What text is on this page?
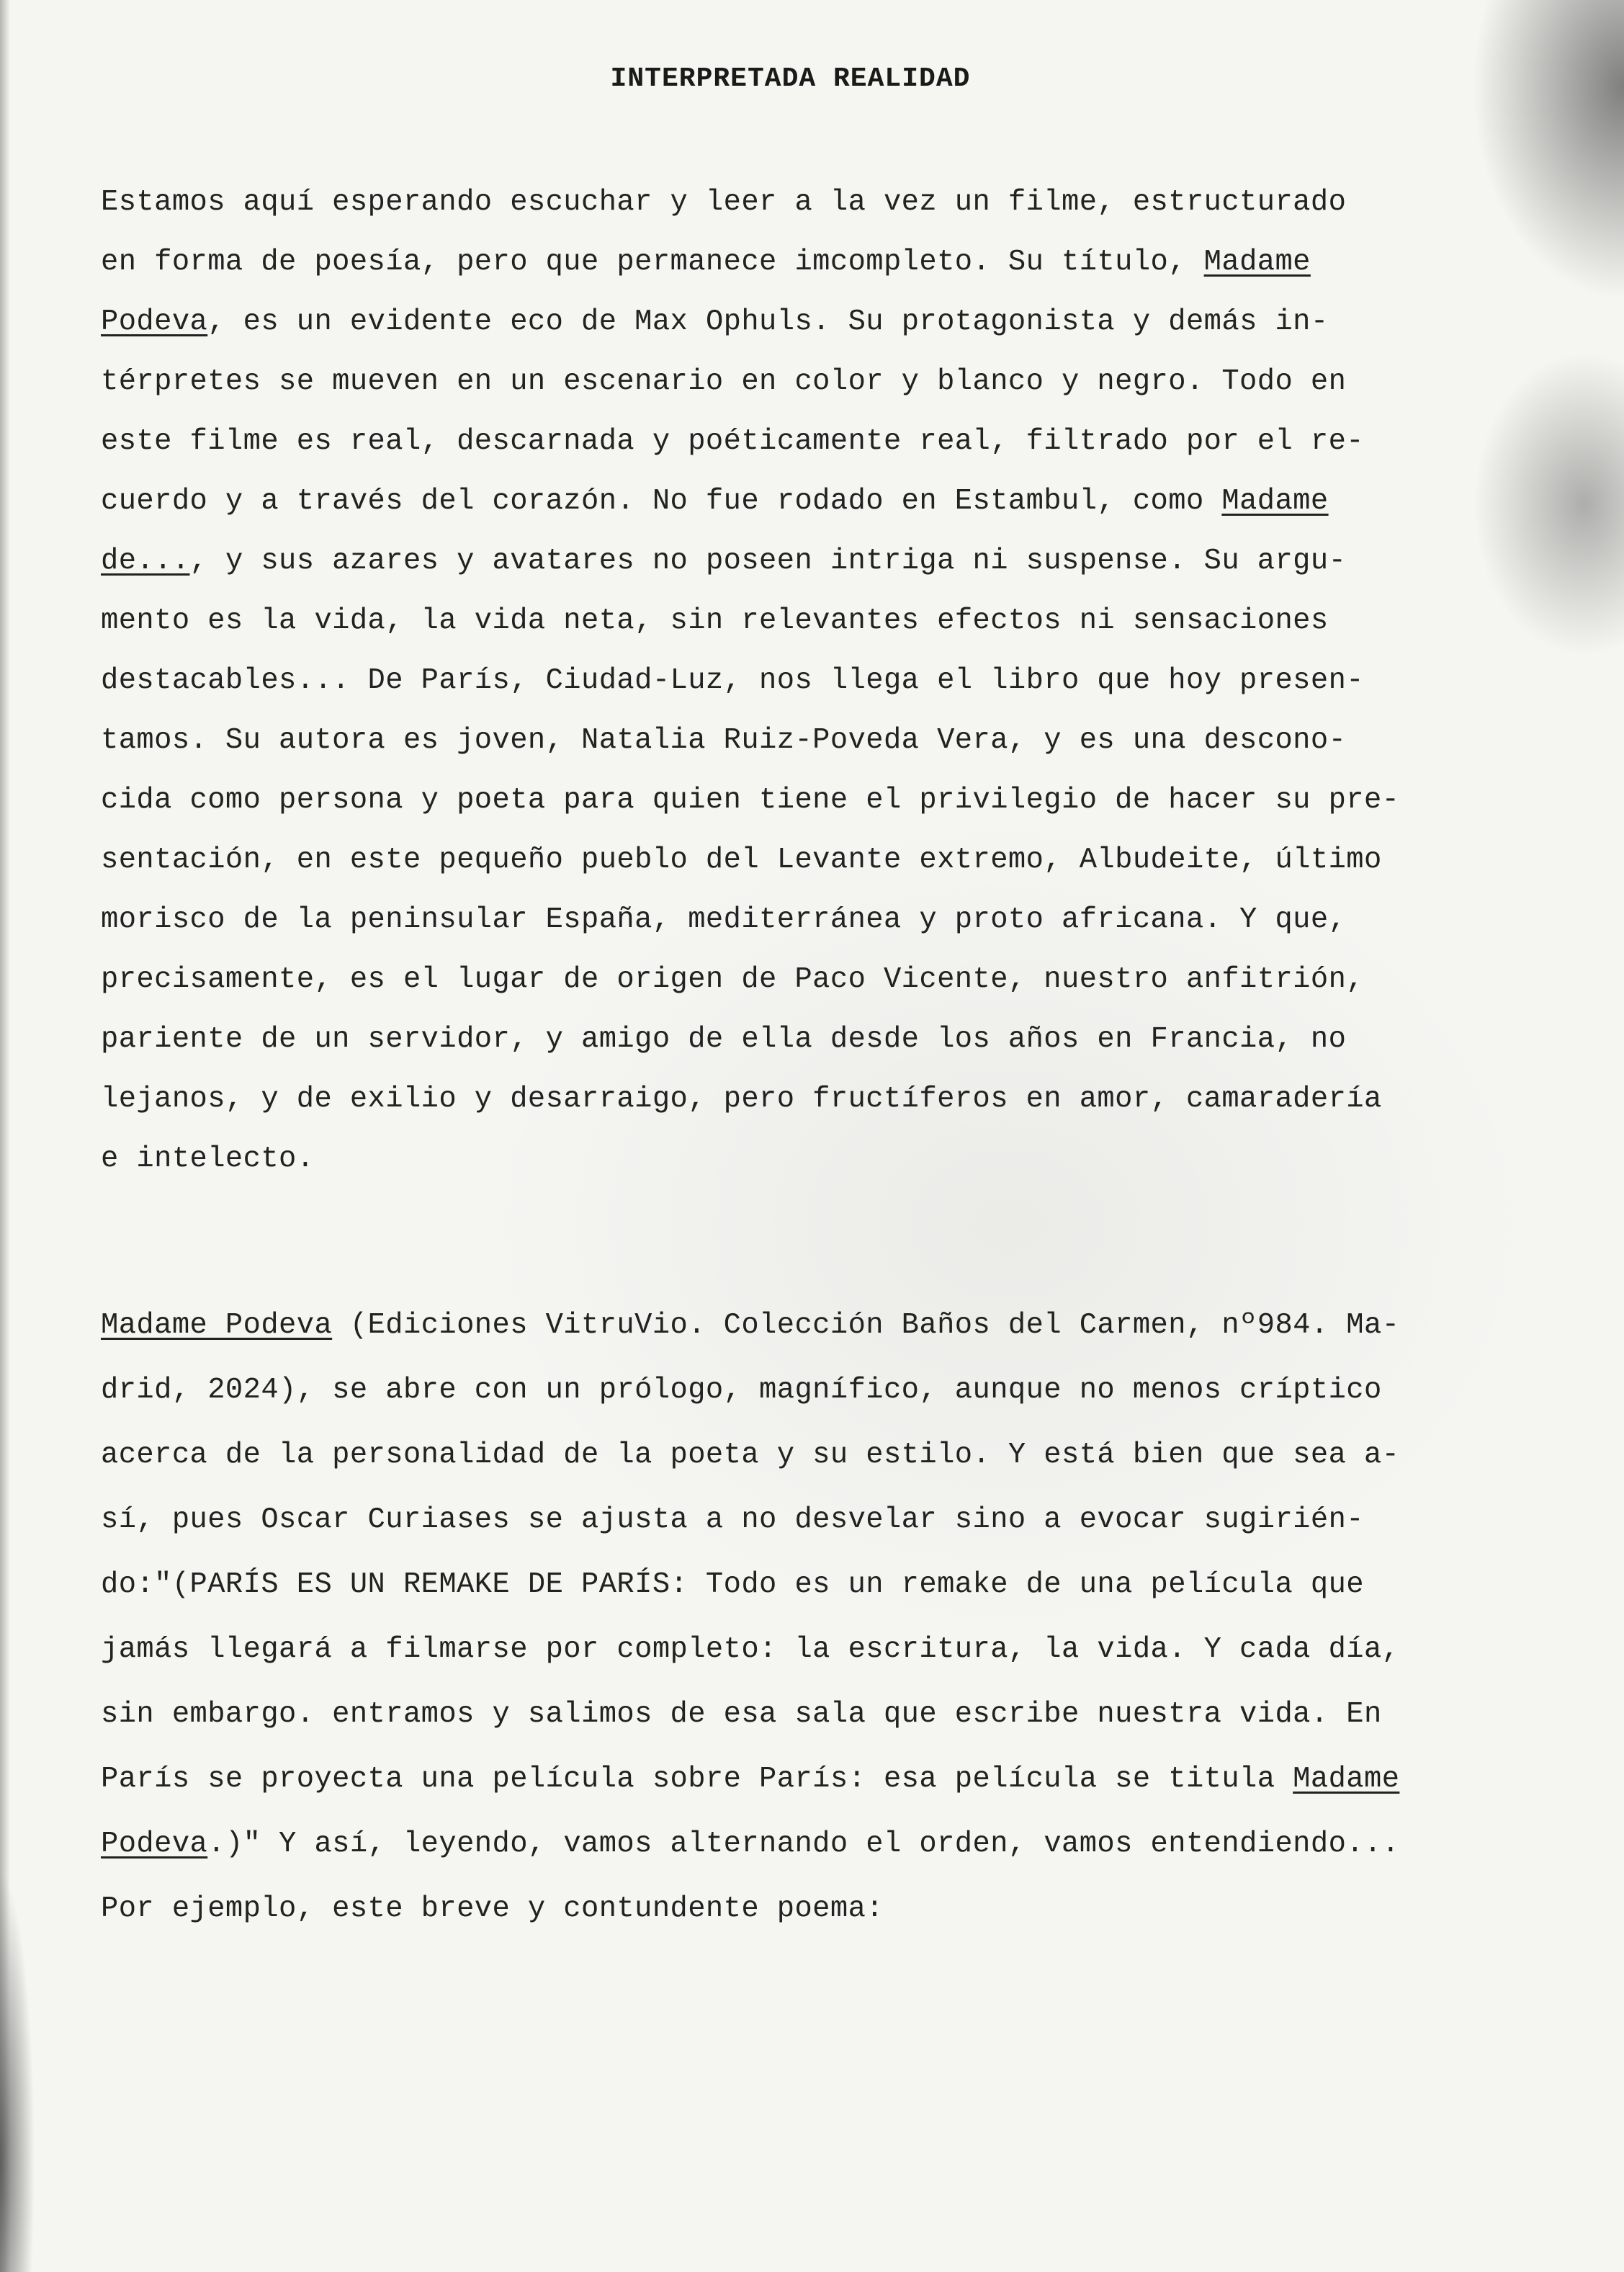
INTERPRETADA REALIDAD
Estamos aquí esperando escuchar y leer a la vez un filme, estructurado
en forma de poesía, pero que permanece imcompleto. Su título, Madame
Podeva, es un evidente eco de Max Ophuls. Su protagonista y demás in-
térpretes se mueven en un escenario en color y blanco y negro. Todo en
este filme es real, descarnada y poéticamente real, filtrado por el re-
cuerdo y a través del corazón. No fue rodado en Estambul, como Madame
de..., y sus azares y avatares no poseen intriga ni suspense. Su argu-
mento es la vida, la vida neta, sin relevantes efectos ni sensaciones
destacables... De París, Ciudad-Luz, nos llega el libro que hoy presen-
tamos. Su autora es joven, Natalia Ruiz-Poveda Vera, y es una descono-
cida como persona y poeta para quien tiene el privilegio de hacer su pre-
sentación, en este pequeño pueblo del Levante extremo, Albudeite, último
morisco de la peninsular España, mediterránea y proto africana. Y que,
precisamente, es el lugar de origen de Paco Vicente, nuestro anfitrión,
pariente de un servidor, y amigo de ella desde los años en Francia, no
lejanos, y de exilio y desarraigo, pero fructíferos en amor, camaradería
e intelecto.
Madame Podeva (Ediciones VitruVio. Colección Baños del Carmen, nº984. Ma-
drid, 2024), se abre con un prólogo, magnífico, aunque no menos críptico
acerca de la personalidad de la poeta y su estilo. Y está bien que sea a-
sí, pues Oscar Curiases se ajusta a no desvelar sino a evocar sugirién-
do:"(PARÍS ES UN REMAKE DE PARÍS: Todo es un remake de una película que
jamás llegará a filmarse por completo: la escritura, la vida. Y cada día,
sin embargo. entramos y salimos de esa sala que escribe nuestra vida. En
París se proyecta una película sobre París: esa película se titula Madame
Podeva.)" Y así, leyendo, vamos alternando el orden, vamos entendiendo...
Por ejemplo, este breve y contundente poema:
